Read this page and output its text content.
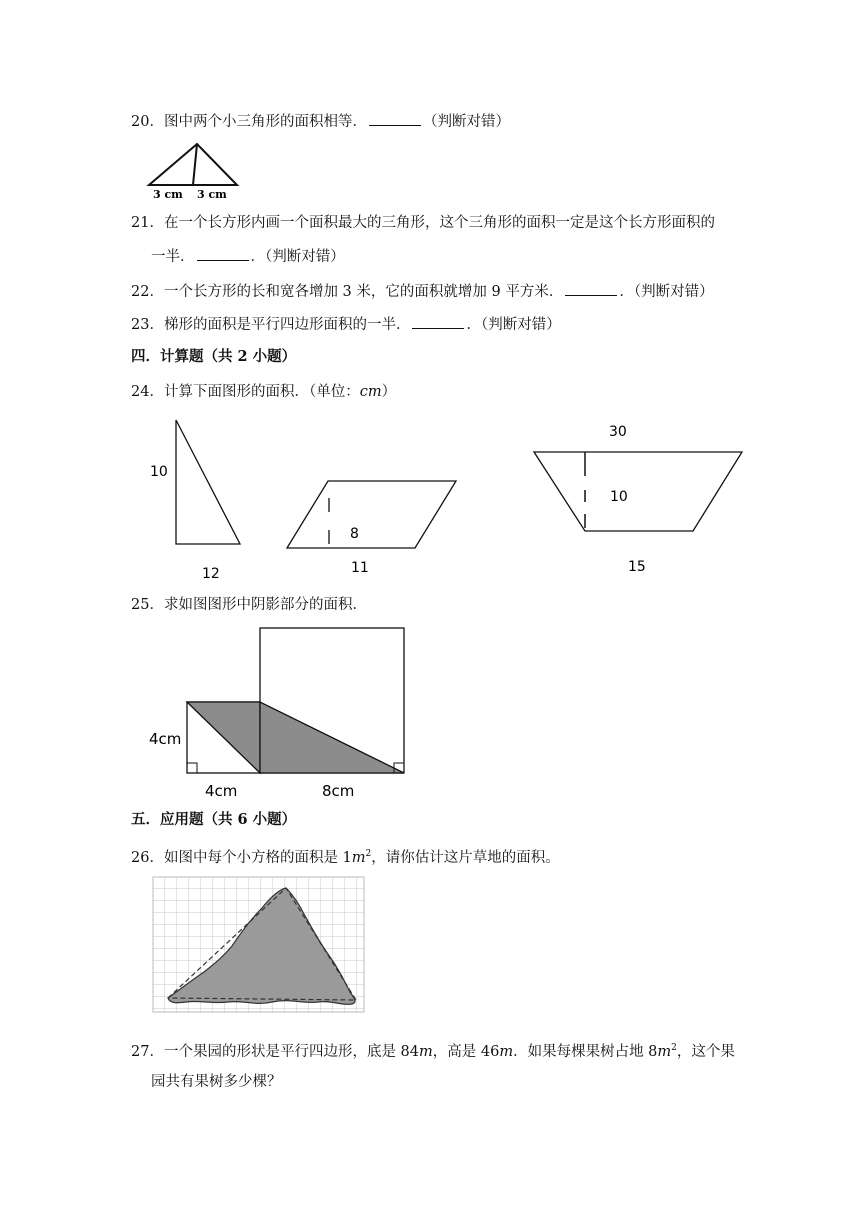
20．图中两个小三角形的面积相等．	（判断对错）
3 cm 3 cm
21．在一个长方形内画一个面积最大的三角形，这个三角形的面积一定是这个长方形面积的
一半．	．（判断对错）
22．一个长方形的长和宽各增加 3 米，它的面积就增加 9 平方米．	．（判断对错）
23．梯形的面积是平行四边形面积的一半．	．（判断对错）
四．计算题（共 2 小题）
24．计算下面图形的面积．（单位：cm）
10
12
8
11
30
10
15
25．求如图图形中阴影部分的面积．
4cm
4cm	8cm
五．应用题（共 6 小题）
26．如图中每个小方格的面积是 $1m^2$，请你估计这片草地的面积。
27．一个果园的形状是平行四边形，底是 84m，高是 46m．如果每棵果树占地 $8m^2$，这个果
园共有果树多少棵？
